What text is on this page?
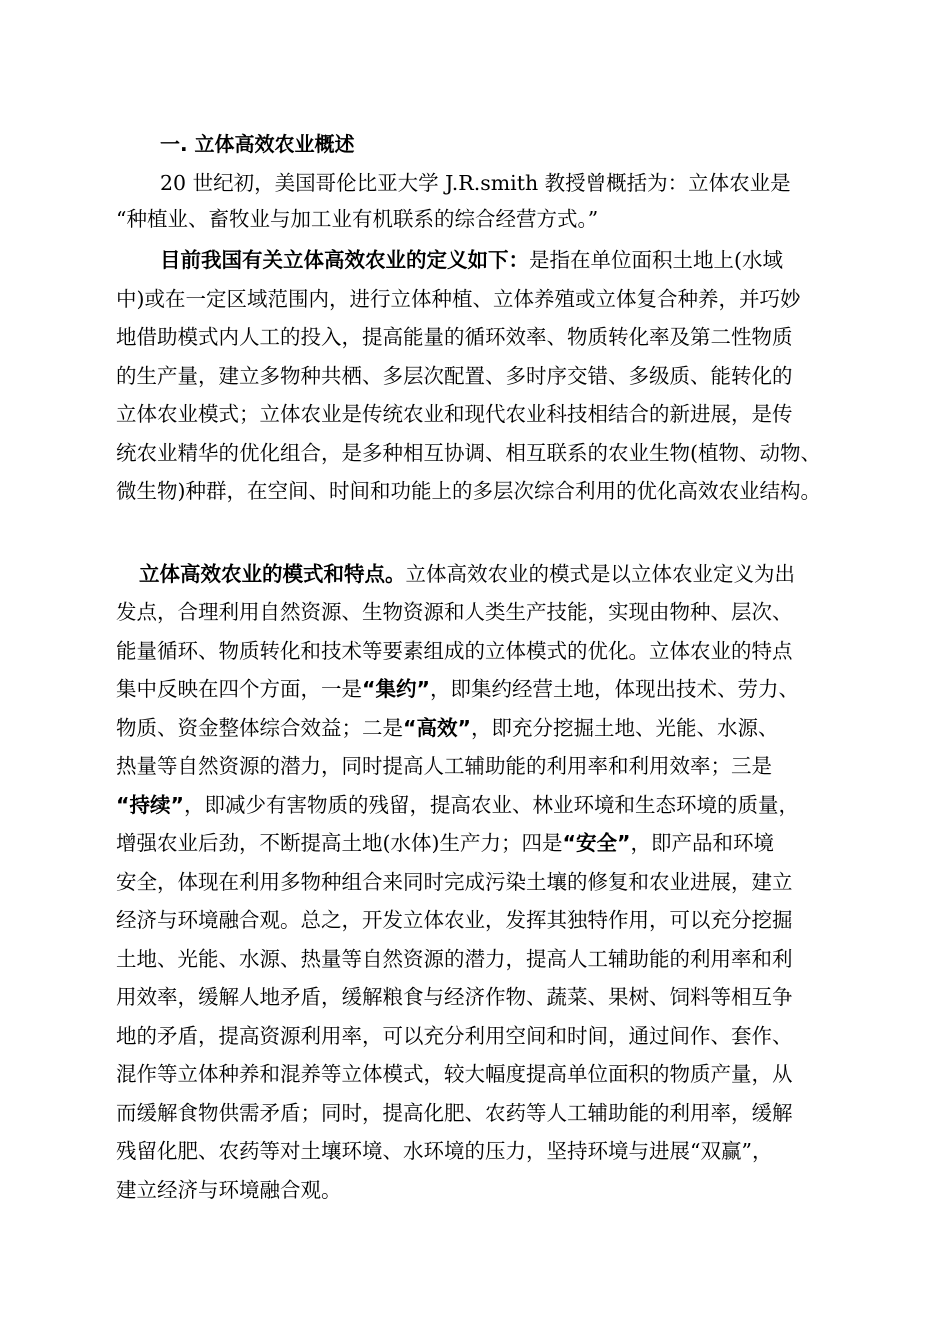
一. 立体高效农业概述
20 世纪初，美国哥伦比亚大学 J.R.smith 教授曾概括为：立体农业是
“种植业、畜牧业与加工业有机联系的综合经营方式。”
目前我国有关立体高效农业的定义如下：是指在单位面积土地上(水域
中)或在一定区域范围内，进行立体种植、立体养殖或立体复合种养，并巧妙
地借助模式内人工的投入，提高能量的循环效率、物质转化率及第二性物质
的生产量，建立多物种共栖、多层次配置、多时序交错、多级质、能转化的
立体农业模式；立体农业是传统农业和现代农业科技相结合的新进展，是传
统农业精华的优化组合，是多种相互协调、相互联系的农业生物(植物、动物、
微生物)种群，在空间、时间和功能上的多层次综合利用的优化高效农业结构。
立体高效农业的模式和特点。立体高效农业的模式是以立体农业定义为出
发点，合理利用自然资源、生物资源和人类生产技能，实现由物种、层次、
能量循环、物质转化和技术等要素组成的立体模式的优化。立体农业的特点
集中反映在四个方面，一是“集约”，即集约经营土地，体现出技术、劳力、
物质、资金整体综合效益；二是“高效”，即充分挖掘土地、光能、水源、
热量等自然资源的潜力，同时提高人工辅助能的利用率和利用效率；三是
“持续”，即减少有害物质的残留，提高农业、林业环境和生态环境的质量，
增强农业后劲，不断提高土地(水体)生产力；四是“安全”，即产品和环境
安全，体现在利用多物种组合来同时完成污染土壤的修复和农业进展，建立
经济与环境融合观。总之，开发立体农业，发挥其独特作用，可以充分挖掘
土地、光能、水源、热量等自然资源的潜力，提高人工辅助能的利用率和利
用效率，缓解人地矛盾，缓解粮食与经济作物、蔬菜、果树、饲料等相互争
地的矛盾，提高资源利用率，可以充分利用空间和时间，通过间作、套作、
混作等立体种养和混养等立体模式，较大幅度提高单位面积的物质产量，从
而缓解食物供需矛盾；同时，提高化肥、农药等人工辅助能的利用率，缓解
残留化肥、农药等对土壤环境、水环境的压力，坚持环境与进展“双赢”，
建立经济与环境融合观。
